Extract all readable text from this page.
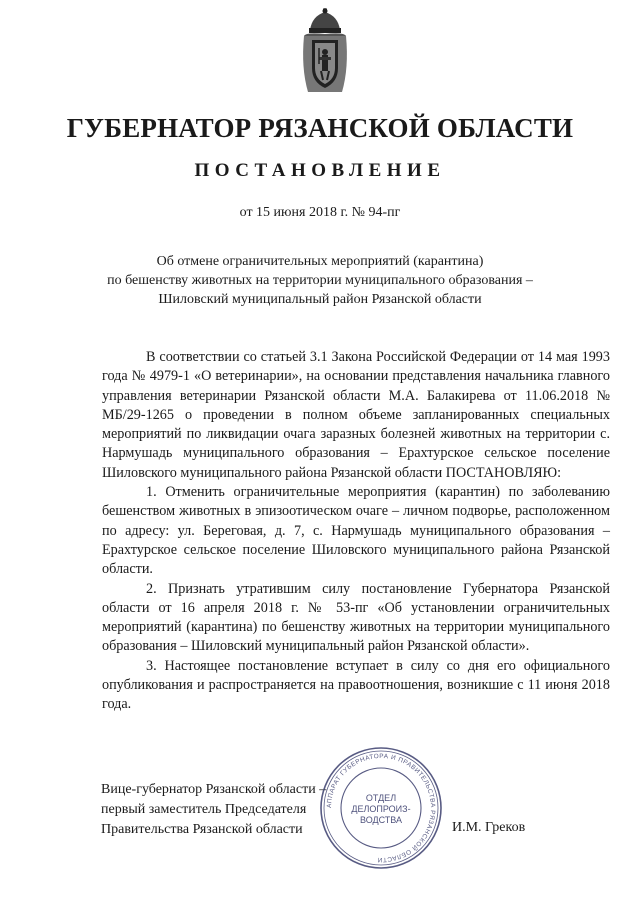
ГУБЕРНАТОР РЯЗАНСКОЙ ОБЛАСТИ
ПОСТАНОВЛЕНИЕ
от 15 июня 2018 г. № 94-пг
Об отмене ограничительных мероприятий (карантина)
по бешенству животных на территории муниципального образования –
Шиловский муниципальный район Рязанской области

В соответствии со статьей 3.1 Закона Российской Федерации от 14 мая 1993 года № 4979-1 «О ветеринарии», на основании представления начальника главного управления ветеринарии Рязанской области М.А. Балакирева от 11.06.2018 № МБ/29-1265 о проведении в полном объеме запланированных специальных мероприятий по ликвидации очага заразных болезней животных на территории с. Нармушадь муниципального образования – Ерахтурское сельское поселение Шиловского муниципального района Рязанской области ПОСТАНОВЛЯЮ:

1. Отменить ограничительные мероприятия (карантин) по заболеванию бешенством животных в эпизоотическом очаге – личном подворье, расположенном по адресу: ул. Береговая, д. 7, с. Нармушадь муниципального образования – Ерахтурское сельское поселение Шиловского муниципального района Рязанской области.

2. Признать утратившим силу постановление Губернатора Рязанской области от 16 апреля 2018 г. № 53-пг «Об установлении ограничительных мероприятий (карантина) по бешенству животных на территории муниципального образования – Шиловский муниципальный район Рязанской области».

3. Настоящее постановление вступает в силу со дня его официального опубликования и распространяется на правоотношения, возникшие с 11 июня 2018 года.

Вице-губернатор Рязанской области –
первый заместитель Председателя
Правительства Рязанской области	И.М. Греков
АППАРАТ ГУБЕРНАТОРА И ПРАВИТЕЛЬСТВА РЯЗАНСКОЙ ОБЛАСТИ
ОТДЕЛ
ДЕЛОПРОИЗ-
ВОДСТВА
